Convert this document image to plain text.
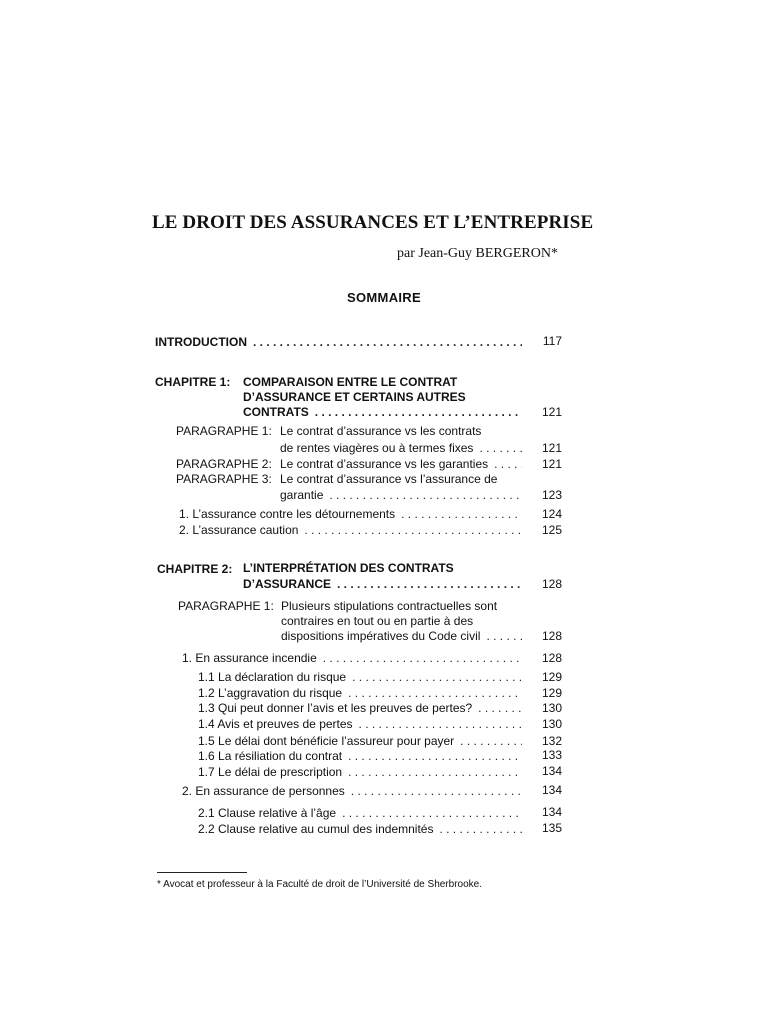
LE DROIT DES ASSURANCES ET L’ENTREPRISE
par Jean-Guy BERGERON*
SOMMAIRE
INTRODUCTION . . .	117
CHAPITRE 1: COMPARAISON ENTRE LE CONTRAT
D’ASSURANCE ET CERTAINS AUTRES
CONTRATS . . .	121
PARAGRAPHE 1: Le contrat d’assurance vs les contrats
de rentes viagères ou à termes fixes . . .	121
PARAGRAPHE 2: Le contrat d’assurance vs les garanties . . .	121
PARAGRAPHE 3: Le contrat d’assurance vs l’assurance de
garantie . . .	123
1. L’assurance contre les détournements . . .	124
2. L’assurance caution . . .	125
CHAPITRE 2: L’INTERPRÉTATION DES CONTRATS
D’ASSURANCE . . .	128
PARAGRAPHE 1: Plusieurs stipulations contractuelles sont
contraires en tout ou en partie à des
dispositions impératives du Code civil . . .	128
1. En assurance incendie . . .	128
1.1 La déclaration du risque . . .	129
1.2 L’aggravation du risque . . .	129
1.3 Qui peut donner l’avis et les preuves de pertes? . . .	130
1.4 Avis et preuves de pertes . . .	130
1.5 Le délai dont bénéficie l’assureur pour payer . . .	132
1.6 La résiliation du contrat . . .	133
1.7 Le délai de prescription . . .	134
2. En assurance de personnes . . .	134
2.1 Clause relative à l’âge . . .	134
2.2 Clause relative au cumul des indemnités . . .	135
* Avocat et professeur à la Faculté de droit de l’Université de Sherbrooke.
